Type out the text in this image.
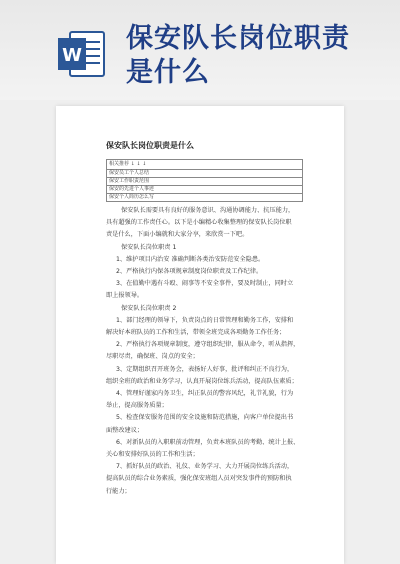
W
保安队长岗位职责
是什么
保安队长岗位职责是什么
相关推荐 ↓ ↓ ↓
保安员工个人总结
保安工作职责范围
保安的先进个人事迹
保安个人简历怎么写

保安队长需要具有良好的服务意识、沟通协调能力、抗压能力，

具有超强的工作责任心。以下是小编精心收集整理的保安队长岗位职

责是什么，下面小编就和大家分享，来欣赏一下吧。

保安队长岗位职责 1

1、维护项目内治安 准确判断各类治安防范安全隐患。

2、严格执行内保各项规章制度岗位职责及工作纪律。

3、在值勤中遇有斗殴、闹事等不安全事件，要及时制止，同时立

即上报领导。

保安队长岗位职责 2

1、部门经理的领导下，负责岗点的日常管理和勤务工作，安排和

解决好本班队员的工作和生活，带领全班完成各项勤务工作任务；

2、严格执行各项规章制度，遵守组织纪律，服从命令，听从指挥，

尽职尽责，确保班、岗点的安全；

3、定期组织召开班务会，表扬好人好事，批评和纠正不良行为，

组织全班的政治和业务学习，认真开展岗位练兵活动，提高队伍素质；

4、管理好谨家内务卫生，纠正队员的警容风纪，礼节礼貌，行为

举止，提高服务质量；

5、检查保安服务范围的安全设施和防范措施，向客户单位提出书

面整改建议；

6、对新队员的入职职前动管理，负责本班队员的考勤、统计上报、

关心和安排好队员的工作和生活；

7、抓好队员的政治、礼仪、业务学习、大力开展岗位练兵活动，

提高队员的综合业务素质，强化保安班组人员对突发事件的预防和执

行能力；
